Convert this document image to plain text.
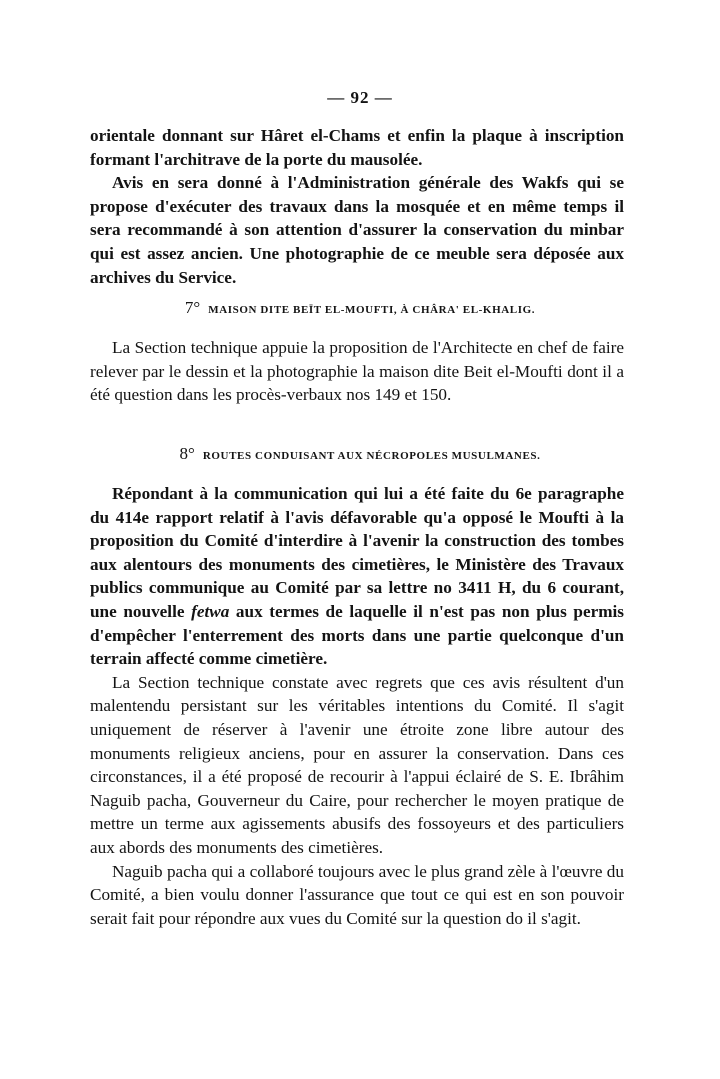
— 92 —

orientale donnant sur Hâret el-Chams et enfin la plaque à inscription formant l'architrave de la porte du mausolée.

Avis en sera donné à l'Administration générale des Wakfs qui se propose d'exécuter des travaux dans la mosquée et en même temps il sera recommandé à son attention d'assurer la conservation du minbar qui est assez ancien. Une photographie de ce meuble sera déposée aux archives du Service.

7° MAISON DITE BEÏT EL-MOUFTI, À CHÂRA' EL-KHALIG.

La Section technique appuie la proposition de l'Architecte en chef de faire relever par le dessin et la photographie la maison dite Beit el-Moufti dont il a été question dans les procès-verbaux nos 149 et 150.

8° ROUTES CONDUISANT AUX NÉCROPOLES MUSULMANES.

Répondant à la communication qui lui a été faite du 6e paragraphe du 414e rapport relatif à l'avis défavorable qu'a opposé le Moufti à la proposition du Comité d'interdire à l'avenir la construction des tombes aux alentours des monuments des cimetières, le Ministère des Travaux publics communique au Comité par sa lettre no 3411 H, du 6 courant, une nouvelle fetwa aux termes de laquelle il n'est pas non plus permis d'empêcher l'enterrement des morts dans une partie quelconque d'un terrain affecté comme cimetière.

La Section technique constate avec regrets que ces avis résultent d'un malentendu persistant sur les véritables intentions du Comité. Il s'agit uniquement de réserver à l'avenir une étroite zone libre autour des monuments religieux anciens, pour en assurer la conservation. Dans ces circonstances, il a été proposé de recourir à l'appui éclairé de S. E. Ibrâhim Naguib pacha, Gouverneur du Caire, pour rechercher le moyen pratique de mettre un terme aux agissements abusifs des fossoyeurs et des particuliers aux abords des monuments des cimetières.

Naguib pacha qui a collaboré toujours avec le plus grand zèle à l'œuvre du Comité, a bien voulu donner l'assurance que tout ce qui est en son pouvoir serait fait pour répondre aux vues du Comité sur la question do il s'agit.
